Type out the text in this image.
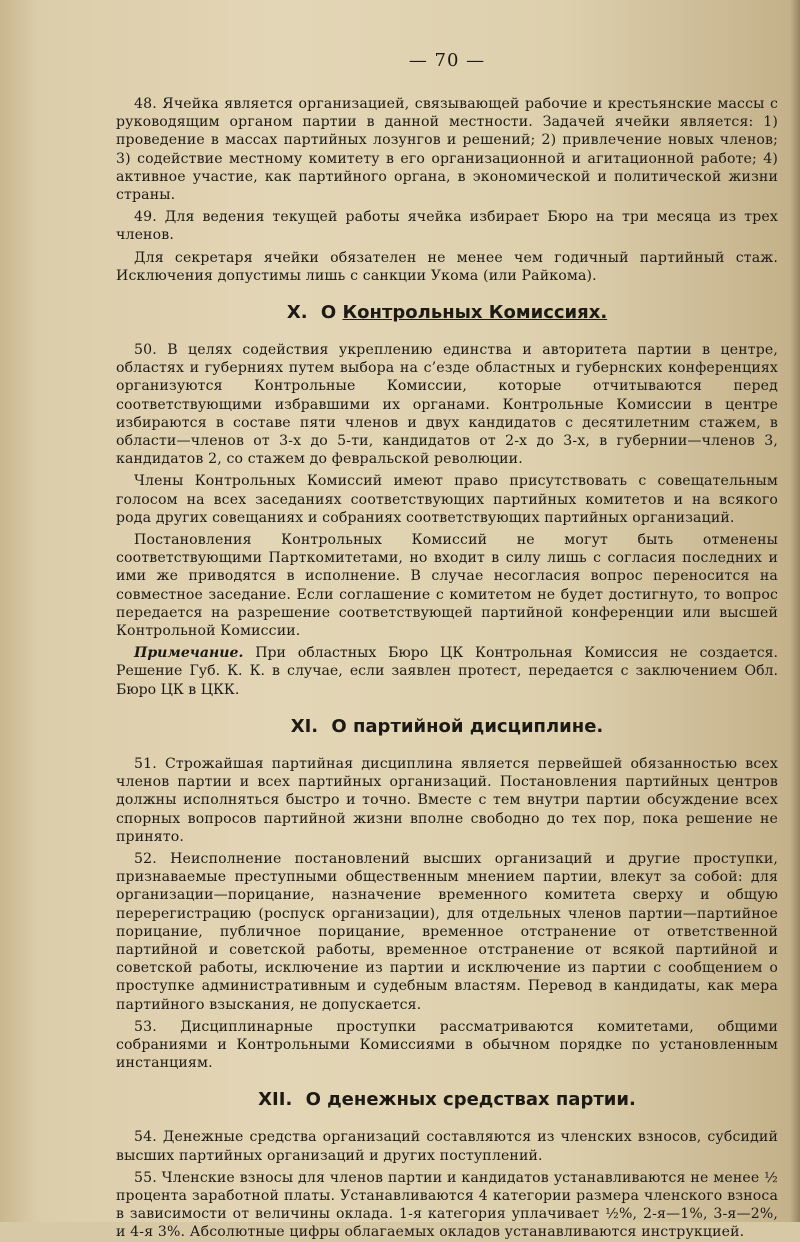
— 70 —

48. Ячейка является организацией, связывающей рабочие и крестьянские массы с руководящим органом партии в данной местности. Задачей ячейки является: 1) проведение в массах партийных лозунгов и решений; 2) привлечение новых членов; 3) содействие местному комитету в его организационной и агитационной работе; 4) активное участие, как партийного органа, в экономической и политической жизни страны.

49. Для ведения текущей работы ячейка избирает Бюро на три месяца из трех членов.

Для секретаря ячейки обязателен не менее чем годичный партийный стаж. Исключения допустимы лишь с санкции Укома (или Райкома).

X. О Контрольных Комиссиях.

50. В целях содействия укреплению единства и авторитета партии в центре, областях и губерниях путем выбора на с’езде областных и губернских конференциях организуются Контрольные Комиссии, которые отчитываются перед соответствующими избравшими их органами. Контрольные Комиссии в центре избираются в составе пяти членов и двух кандидатов с десятилетним стажем, в области—членов от 3-х до 5-ти, кандидатов от 2-х до 3-х, в губернии—членов 3, кандидатов 2, со стажем до февральской революции.

Члены Контрольных Комиссий имеют право присутствовать с совещательным голосом на всех заседаниях соответствующих партийных комитетов и на всякого рода других совещаниях и собраниях соответствующих партийных организаций.

Постановления Контрольных Комиссий не могут быть отменены соответствующими Парткомитетами, но входит в силу лишь с согласия последних и ими же приводятся в исполнение. В случае несогласия вопрос переносится на совместное заседание. Если соглашение с комитетом не будет достигнуто, то вопрос передается на разрешение соответствующей партийной конференции или высшей Контрольной Комиссии.

Примечание. При областных Бюро ЦК Контрольная Комиссия не создается. Решение Губ. К. К. в случае, если заявлен протест, передается с заключением Обл. Бюро ЦК в ЦКК.

XI. О партийной дисциплине.

51. Строжайшая партийная дисциплина является первейшей обязанностью всех членов партии и всех партийных организаций. Постановления партийных центров должны исполняться быстро и точно. Вместе с тем внутри партии обсуждение всех спорных вопросов партийной жизни вполне свободно до тех пор, пока решение не принято.

52. Неисполнение постановлений высших организаций и другие проступки, признаваемые преступными общественным мнением партии, влекут за собой: для организации—порицание, назначение временного комитета сверху и общую перерегистрацию (роспуск организации), для отдельных членов партии—партийное порицание, публичное порицание, временное отстранение от ответственной партийной и советской работы, временное отстранение от всякой партийной и советской работы, исключение из партии и исключение из партии с сообщением о проступке административным и судебным властям. Перевод в кандидаты, как мера партийного взыскания, не допускается.

53. Дисциплинарные проступки рассматриваются комитетами, общими собраниями и Контрольными Комиссиями в обычном порядке по установленным инстанциям.

XII. О денежных средствах партии.

54. Денежные средства организаций составляются из членских взносов, субсидий высших партийных организаций и других поступлений.

55. Членские взносы для членов партии и кандидатов устанавливаются не менее ½ процента заработной платы. Устанавливаются 4 категории размера членского взноса в зависимости от величины оклада. 1-я категория уплачивает ½%, 2-я—1%, 3-я—2%, и 4-я 3%. Абсолютные цифры облагаемых окладов устанавливаются инструкцией.
